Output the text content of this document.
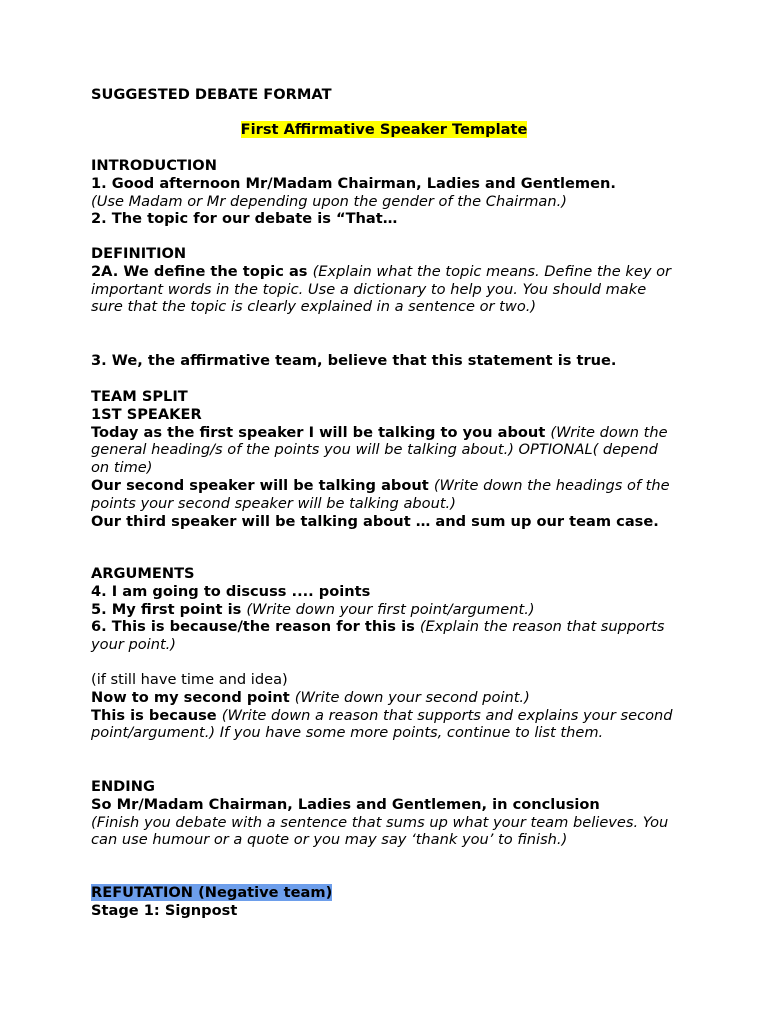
SUGGESTED DEBATE FORMAT

First Affirmative Speaker Template

INTRODUCTION

1. Good afternoon Mr/Madam Chairman, Ladies and Gentlemen.

(Use Madam or Mr depending upon the gender of the Chairman.)

2. The topic for our debate is “That…

DEFINITION

2A. We define the topic as (Explain what the topic means. Define the key or important words in the topic. Use a dictionary to help you. You should make sure that the topic is clearly explained in a sentence or two.)

3. We, the affirmative team, believe that this statement is true.

TEAM SPLIT

1ST SPEAKER

Today as the first speaker I will be talking to you about (Write down the general heading/s of the points you will be talking about.) OPTIONAL( depend on time)

Our second speaker will be talking about (Write down the headings of the points your second speaker will be talking about.)

Our third speaker will be talking about … and sum up our team case.

ARGUMENTS

4. I am going to discuss .... points

5. My first point is (Write down your first point/argument.)

6. This is because/the reason for this is (Explain the reason that supports your point.)

(if still have time and idea)

Now to my second point (Write down your second point.)

This is because (Write down a reason that supports and explains your second point/argument.) If you have some more points, continue to list them.

ENDING

So Mr/Madam Chairman, Ladies and Gentlemen, in conclusion

(Finish you debate with a sentence that sums up what your team believes. You can use humour or a quote or you may say ‘thank you’ to finish.)

REFUTATION (Negative team)

Stage 1: Signpost
